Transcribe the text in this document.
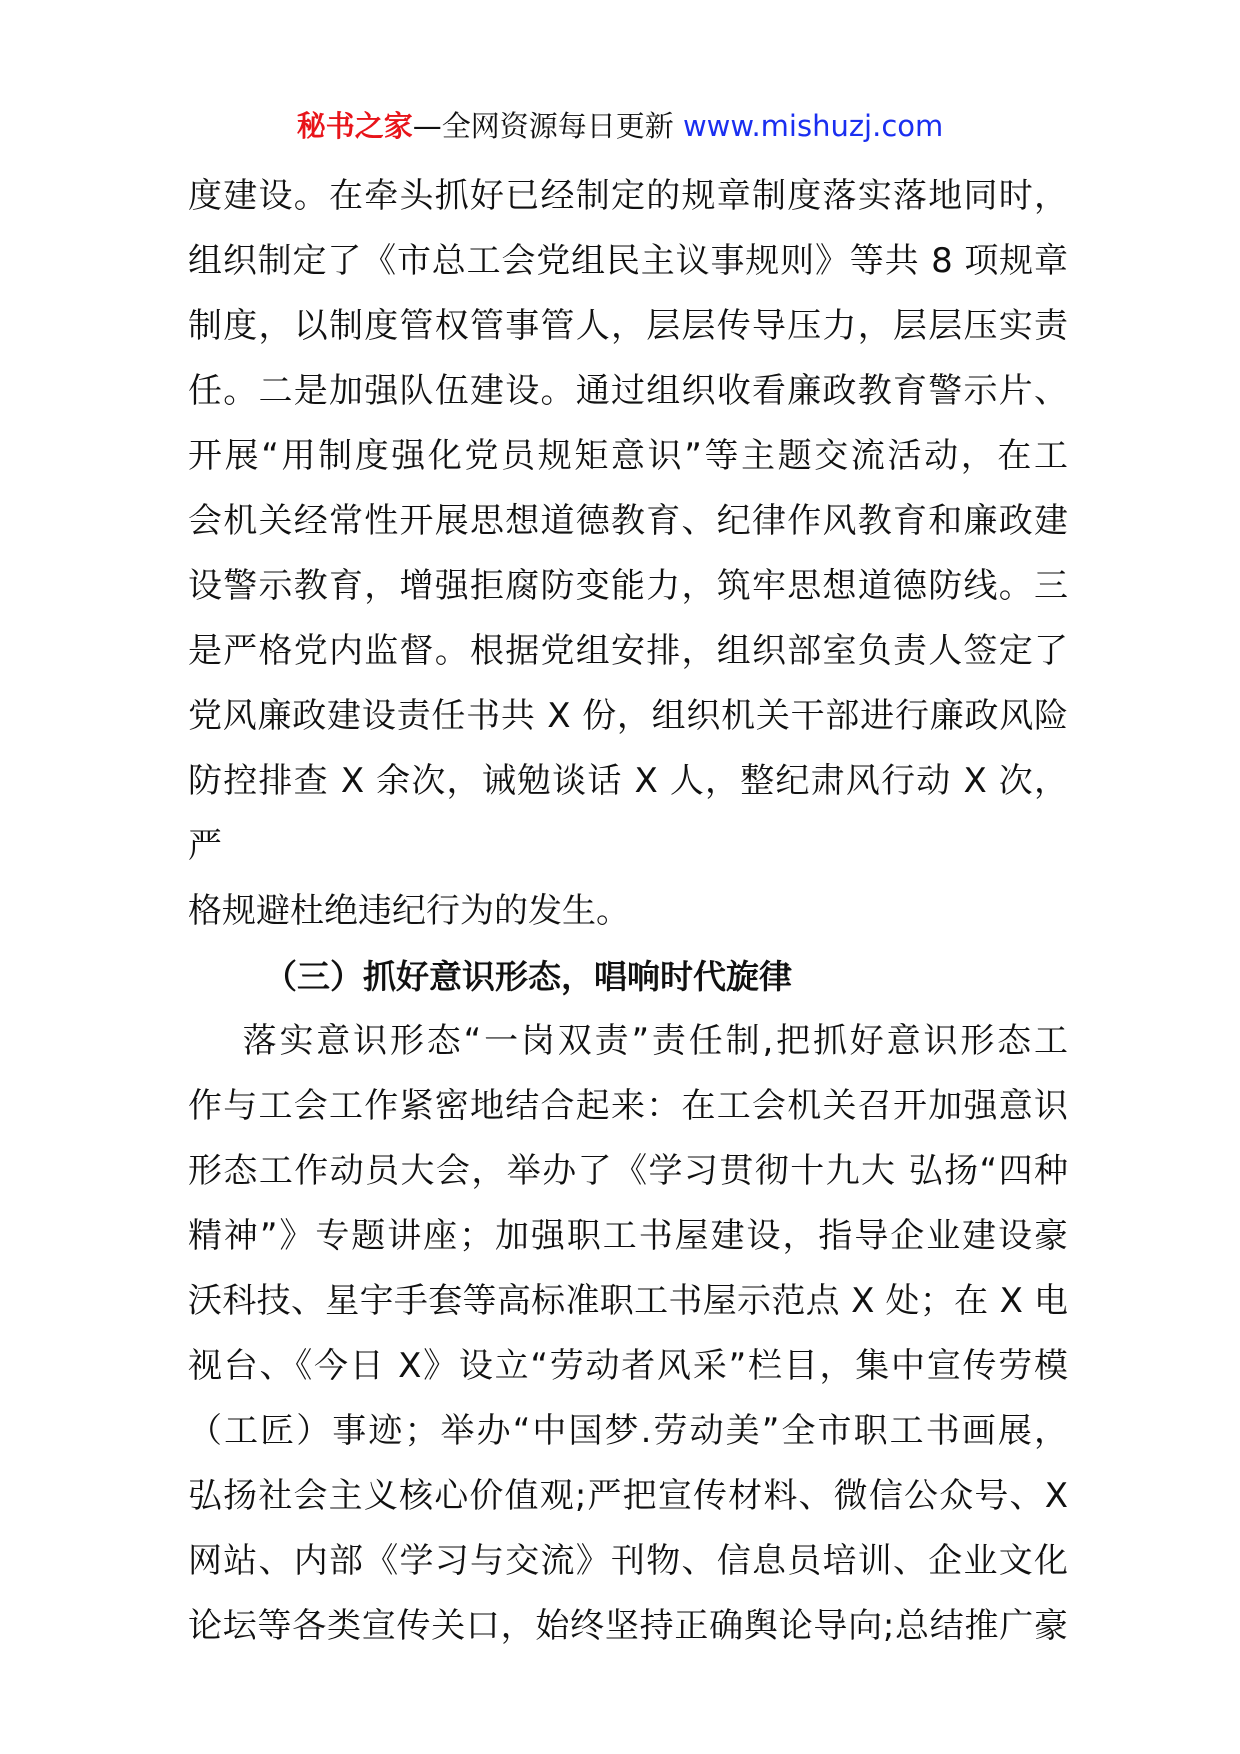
秘书之家—全网资源每日更新 www.mishuzj.com

度建设。在牵头抓好已经制定的规章制度落实落地同时，

组织制定了《市总工会党组民主议事规则》等共 8 项规章

制度，以制度管权管事管人，层层传导压力，层层压实责

任。二是加强队伍建设。通过组织收看廉政教育警示片、

开展“用制度强化党员规矩意识”等主题交流活动，在工

会机关经常性开展思想道德教育、纪律作风教育和廉政建

设警示教育，增强拒腐防变能力，筑牢思想道德防线。三

是严格党内监督。根据党组安排，组织部室负责人签定了

党风廉政建设责任书共 X 份，组织机关干部进行廉政风险

防控排查 X 余次，诫勉谈话 X 人，整纪肃风行动 X 次，严

格规避杜绝违纪行为的发生。

（三）抓好意识形态，唱响时代旋律

落实意识形态“一岗双责”责任制,把抓好意识形态工

作与工会工作紧密地结合起来：在工会机关召开加强意识

形态工作动员大会，举办了《学习贯彻十九大 弘扬“四种

精神”》专题讲座；加强职工书屋建设，指导企业建设豪

沃科技、星宇手套等高标准职工书屋示范点 X 处；在 X 电

视台、《今日 X》设立“劳动者风采”栏目，集中宣传劳模

（工匠）事迹；举办“中国梦.劳动美”全市职工书画展，

弘扬社会主义核心价值观;严把宣传材料、微信公众号、X

网站、内部《学习与交流》刊物、信息员培训、企业文化

论坛等各类宣传关口，始终坚持正确舆论导向;总结推广豪
